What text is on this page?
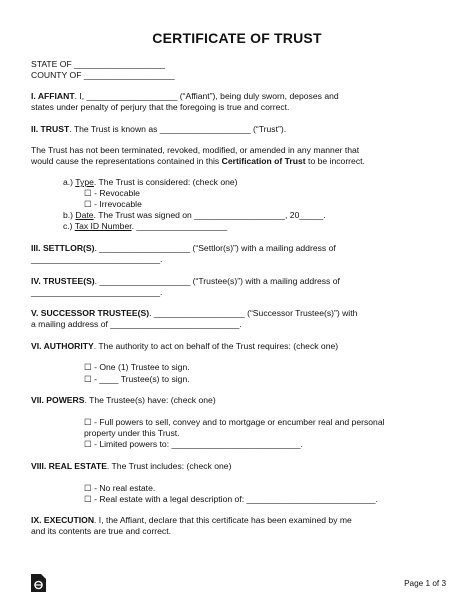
CERTIFICATE OF TRUST
STATE OF ___________________
COUNTY OF ___________________
I. AFFIANT. I, ___________________ (“Affiant”), being duly sworn, deposes and
states under penalty of perjury that the foregoing is true and correct.
II. TRUST. The Trust is known as ___________________ (“Trust”).
The Trust has not been terminated, revoked, modified, or amended in any manner that
would cause the representations contained in this Certification of Trust to be incorrect.
a.) Type. The Trust is considered: (check one)
☐ - Revocable
☐ - Irrevocable
b.) Date. The Trust was signed on ___________________, 20_____.
c.) Tax ID Number. ___________________
III. SETTLOR(S). ___________________ (“Settlor(s)”) with a mailing address of
___________________________.
IV. TRUSTEE(S). ___________________ (“Trustee(s)”) with a mailing address of
___________________________.
V. SUCCESSOR TRUSTEE(S). ___________________ (“Successor Trustee(s)”) with
a mailing address of ___________________________.
VI. AUTHORITY. The authority to act on behalf of the Trust requires: (check one)
☐ - One (1) Trustee to sign.
☐ - ____ Trustee(s) to sign.
VII. POWERS. The Trustee(s) have: (check one)
☐ - Full powers to sell, convey and to mortgage or encumber real and personal
property under this Trust.
☐ - Limited powers to: ___________________________.
VIII. REAL ESTATE. The Trust includes: (check one)
☐ - No real estate.
☐ - Real estate with a legal description of: ___________________________.
IX. EXECUTION. I, the Affiant, declare that this certificate has been examined by me
and its contents are true and correct.
Page 1 of 3
